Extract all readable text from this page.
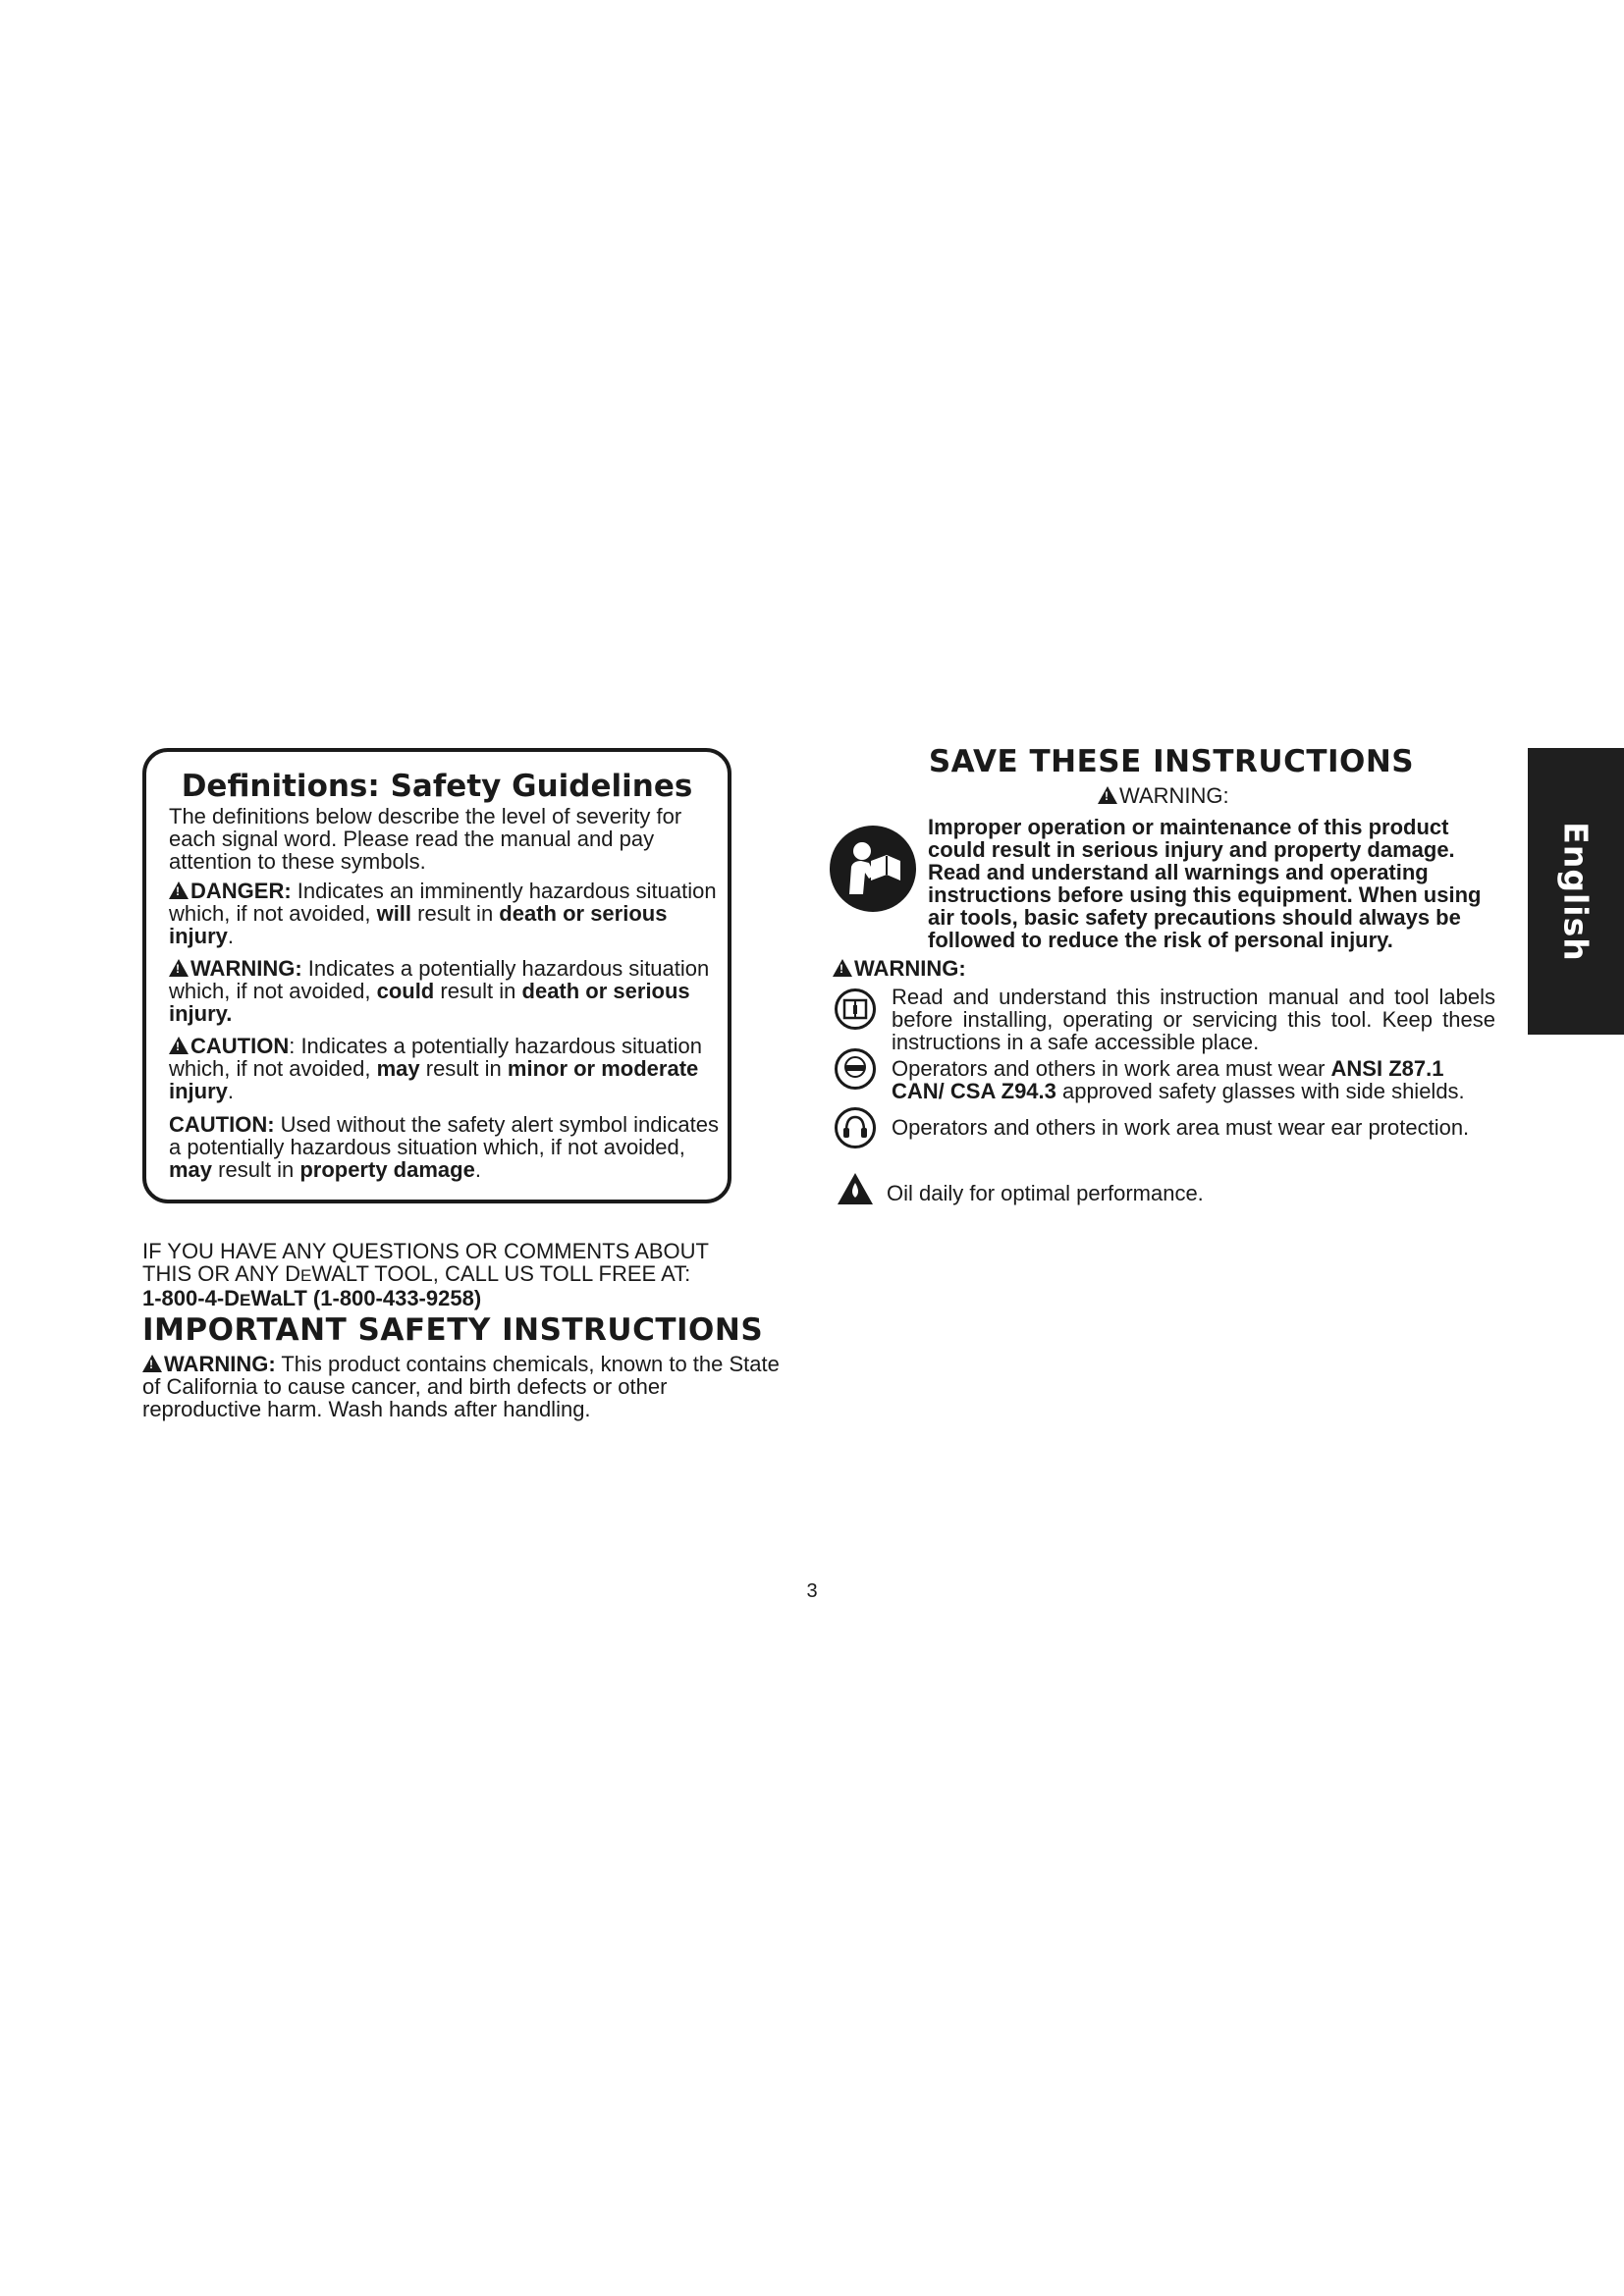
Definitions: Safety Guidelines
The definitions below describe the level of severity for each signal word. Please read the manual and pay attention to these symbols.
!DANGER: Indicates an imminently hazardous situation which, if not avoided, will result in death or serious injury.
!WARNING: Indicates a potentially hazardous situation which, if not avoided, could result in death or serious injury.
!CAUTION: Indicates a potentially hazardous situation which, if not avoided, may result in minor or moderate injury.
CAUTION: Used without the safety alert symbol indicates a potentially hazardous situation which, if not avoided, may result in property damage.
IF YOU HAVE ANY QUESTIONS OR COMMENTS ABOUT
THIS OR ANY DEWALT TOOL, CALL US TOLL FREE AT:
1-800-4-DEWaLT (1-800-433-9258)
IMPORTANT SAFETY INSTRUCTIONS
!WARNING: This product contains chemicals, known to the State of California to cause cancer, and birth defects or other reproductive harm. Wash hands after handling.
SAVE THESE INSTRUCTIONS
!WARNING:
Improper operation or maintenance of this product could result in serious injury and property damage. Read and understand all warnings and operating instructions before using this equipment. When using air tools, basic safety precautions should always be followed to reduce the risk of personal injury.
!WARNING:
Read and understand this instruction manual and tool labels before installing, operating or servicing this tool. Keep these instructions in a safe accessible place.
Operators and others in work area must wear ANSI Z87.1 CAN/ CSA Z94.3 approved safety glasses with side shields.
Operators and others in work area must wear ear protection.
Oil daily for optimal performance.
English
3
